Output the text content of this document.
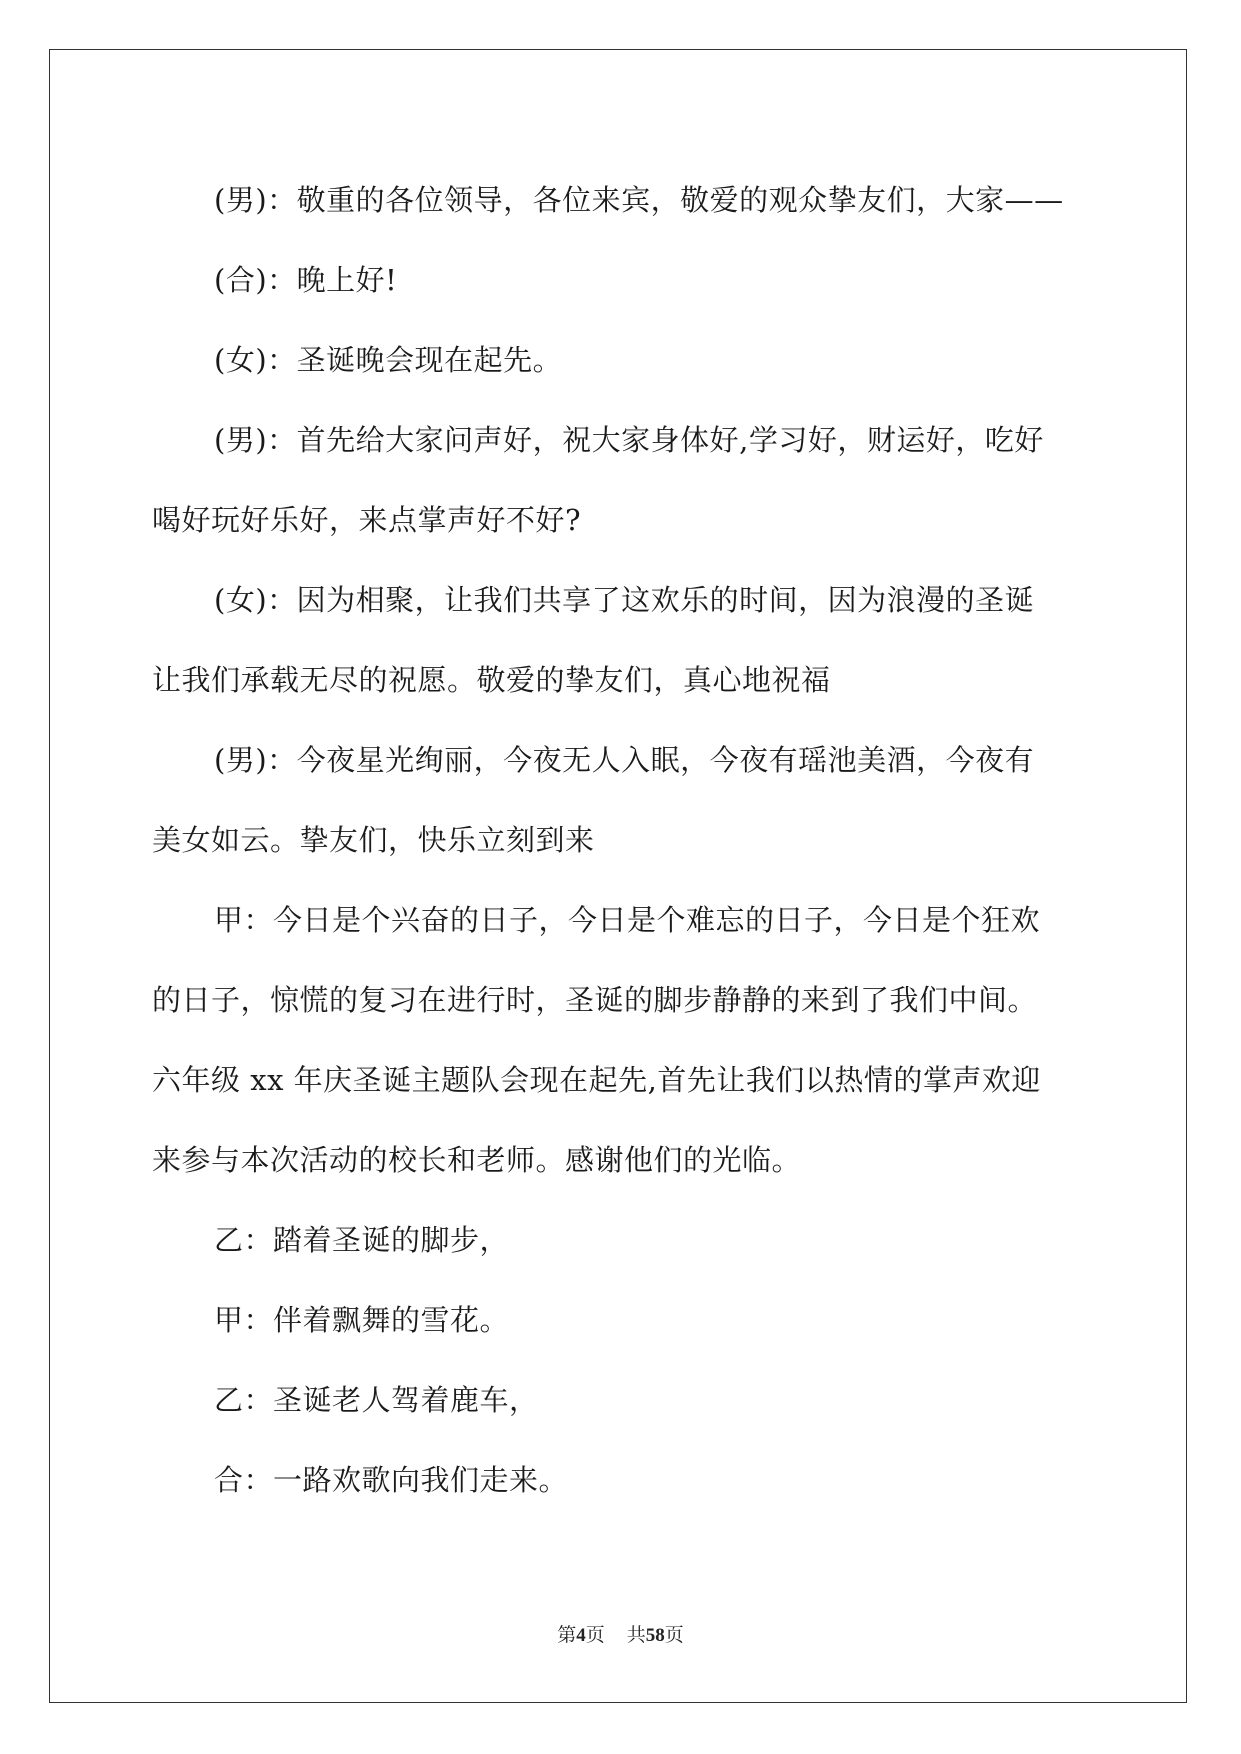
(男)：敬重的各位领导，各位来宾，敬爱的观众挚友们，大家——
(合)：晚上好!
(女)：圣诞晚会现在起先。
(男)：首先给大家问声好，祝大家身体好,学习好，财运好，吃好
喝好玩好乐好，来点掌声好不好?
(女)：因为相聚，让我们共享了这欢乐的时间，因为浪漫的圣诞
让我们承载无尽的祝愿。敬爱的挚友们，真心地祝福
(男)：今夜星光绚丽，今夜无人入眠，今夜有瑶池美酒，今夜有
美女如云。挚友们，快乐立刻到来
甲：今日是个兴奋的日子，今日是个难忘的日子，今日是个狂欢
的日子，惊慌的复习在进行时，圣诞的脚步静静的来到了我们中间。
六年级 xx 年庆圣诞主题队会现在起先,首先让我们以热情的掌声欢迎
来参与本次活动的校长和老师。感谢他们的光临。
乙：踏着圣诞的脚步，
甲：伴着飘舞的雪花。
乙：圣诞老人驾着鹿车，
合：一路欢歌向我们走来。
第4页 共58页
